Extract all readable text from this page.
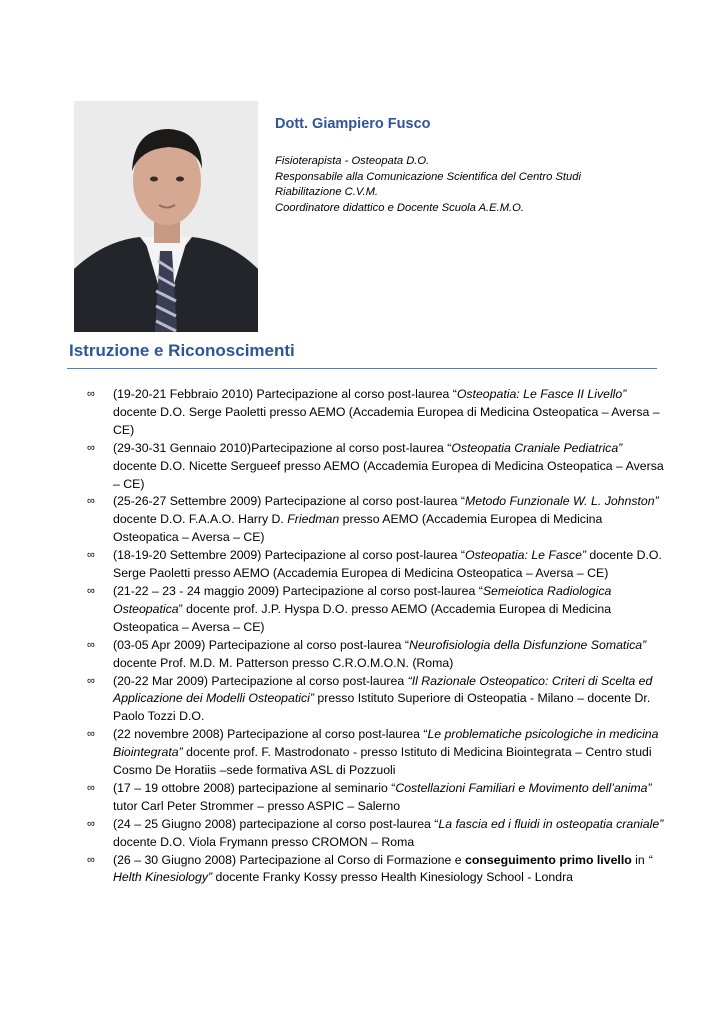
Dott. Giampiero Fusco

Fisioterapista - Osteopata D.O.
Responsabile alla Comunicazione Scientifica del Centro Studi
Riabilitazione C.V.M.
Coordinatore didattico e Docente Scuola A.E.M.O.
Istruzione e Riconoscimenti
∞ (19-20-21 Febbraio 2010) Partecipazione al corso post-laurea “Osteopatia: Le Fasce II Livello” docente D.O. Serge Paoletti presso AEMO (Accademia Europea di Medicina Osteopatica – Aversa – CE)
∞ (29-30-31 Gennaio 2010)Partecipazione al corso post-laurea “Osteopatia Craniale Pediatrica” docente D.O. Nicette Sergueef presso AEMO (Accademia Europea di Medicina Osteopatica – Aversa – CE)
∞ (25-26-27 Settembre 2009) Partecipazione al corso post-laurea “Metodo Funzionale W. L. Johnston” docente D.O. F.A.A.O. Harry D. Friedman presso AEMO (Accademia Europea di Medicina Osteopatica – Aversa – CE)
∞ (18-19-20 Settembre 2009) Partecipazione al corso post-laurea “Osteopatia: Le Fasce” docente D.O. Serge Paoletti presso AEMO (Accademia Europea di Medicina Osteopatica – Aversa – CE)
∞ (21-22 – 23 - 24 maggio 2009) Partecipazione al corso post-laurea “Semeiotica Radiologica Osteopatica” docente prof. J.P. Hyspa D.O. presso AEMO (Accademia Europea di Medicina Osteopatica – Aversa – CE)
∞ (03-05 Apr 2009) Partecipazione al corso post-laurea “Neurofisiologia della Disfunzione Somatica” docente Prof. M.D. M. Patterson presso C.R.O.M.O.N. (Roma)
∞ (20-22 Mar 2009) Partecipazione al corso post-laurea “Il Razionale Osteopatico: Criteri di Scelta ed Applicazione dei Modelli Osteopatici” presso Istituto Superiore di Osteopatia - Milano – docente Dr. Paolo Tozzi D.O.
∞ (22 novembre 2008) Partecipazione al corso post-laurea “Le problematiche psicologiche in medicina Biointegrata” docente prof. F. Mastrodonato - presso Istituto di Medicina Biointegrata – Centro studi Cosmo De Horatiis –sede formativa ASL di Pozzuoli
∞ (17 – 19 ottobre 2008) partecipazione al seminario “Costellazioni Familiari e Movimento dell’anima” tutor Carl Peter Strommer – presso ASPIC – Salerno
∞ (24 – 25 Giugno 2008) partecipazione al corso post-laurea “La fascia ed i fluidi in osteopatia craniale” docente D.O. Viola Frymann presso CROMON – Roma
∞ (26 – 30 Giugno 2008) Partecipazione al Corso di Formazione e conseguimento primo livello in “ Helth Kinesiology” docente Franky Kossy presso Health Kinesiology School - Londra
